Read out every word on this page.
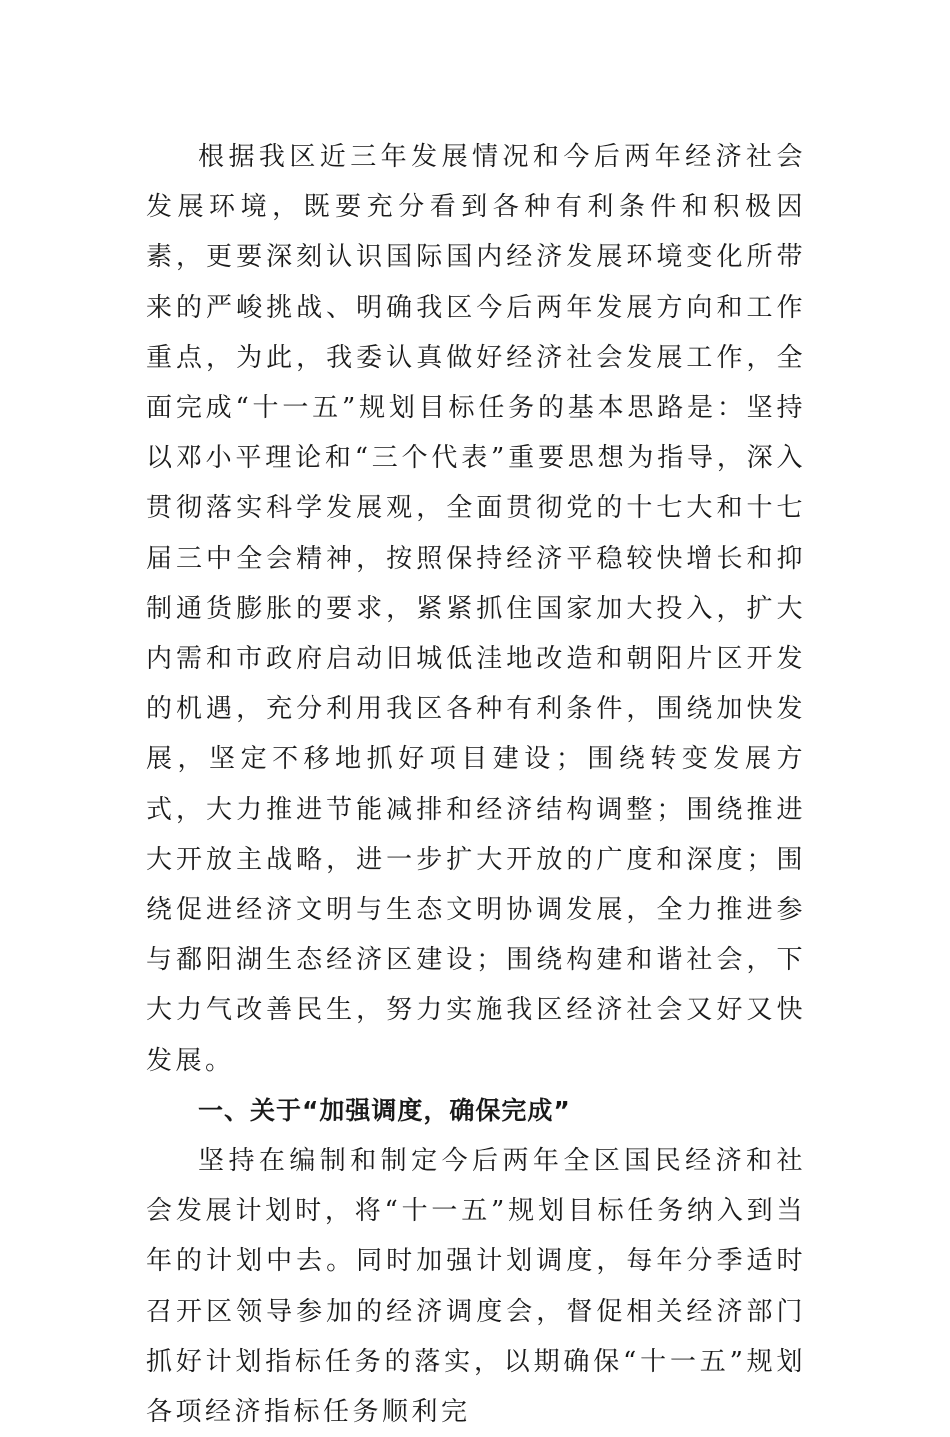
根据我区近三年发展情况和今后两年经济社会发展环境，既要充分看到各种有利条件和积极因素，更要深刻认识国际国内经济发展环境变化所带来的严峻挑战、明确我区今后两年发展方向和工作重点，为此，我委认真做好经济社会发展工作，全面完成“十一五”规划目标任务的基本思路是：坚持以邓小平理论和“三个代表”重要思想为指导，深入贯彻落实科学发展观，全面贯彻党的十七大和十七届三中全会精神，按照保持经济平稳较快增长和抑制通货膨胀的要求，紧紧抓住国家加大投入，扩大内需和市政府启动旧城低洼地改造和朝阳片区开发的机遇，充分利用我区各种有利条件，围绕加快发展，坚定不移地抓好项目建设；围绕转变发展方式，大力推进节能减排和经济结构调整；围绕推进大开放主战略，进一步扩大开放的广度和深度；围绕促进经济文明与生态文明协调发展，全力推进参与鄱阳湖生态经济区建设；围绕构建和谐社会，下大力气改善民生，努力实施我区经济社会又好又快发展。

一、关于“加强调度，确保完成”

坚持在编制和制定今后两年全区国民经济和社会发展计划时，将“十一五”规划目标任务纳入到当年的计划中去。同时加强计划调度，每年分季适时召开区领导参加的经济调度会，督促相关经济部门抓好计划指标任务的落实，以期确保“十一五”规划各项经济指标任务顺利完
